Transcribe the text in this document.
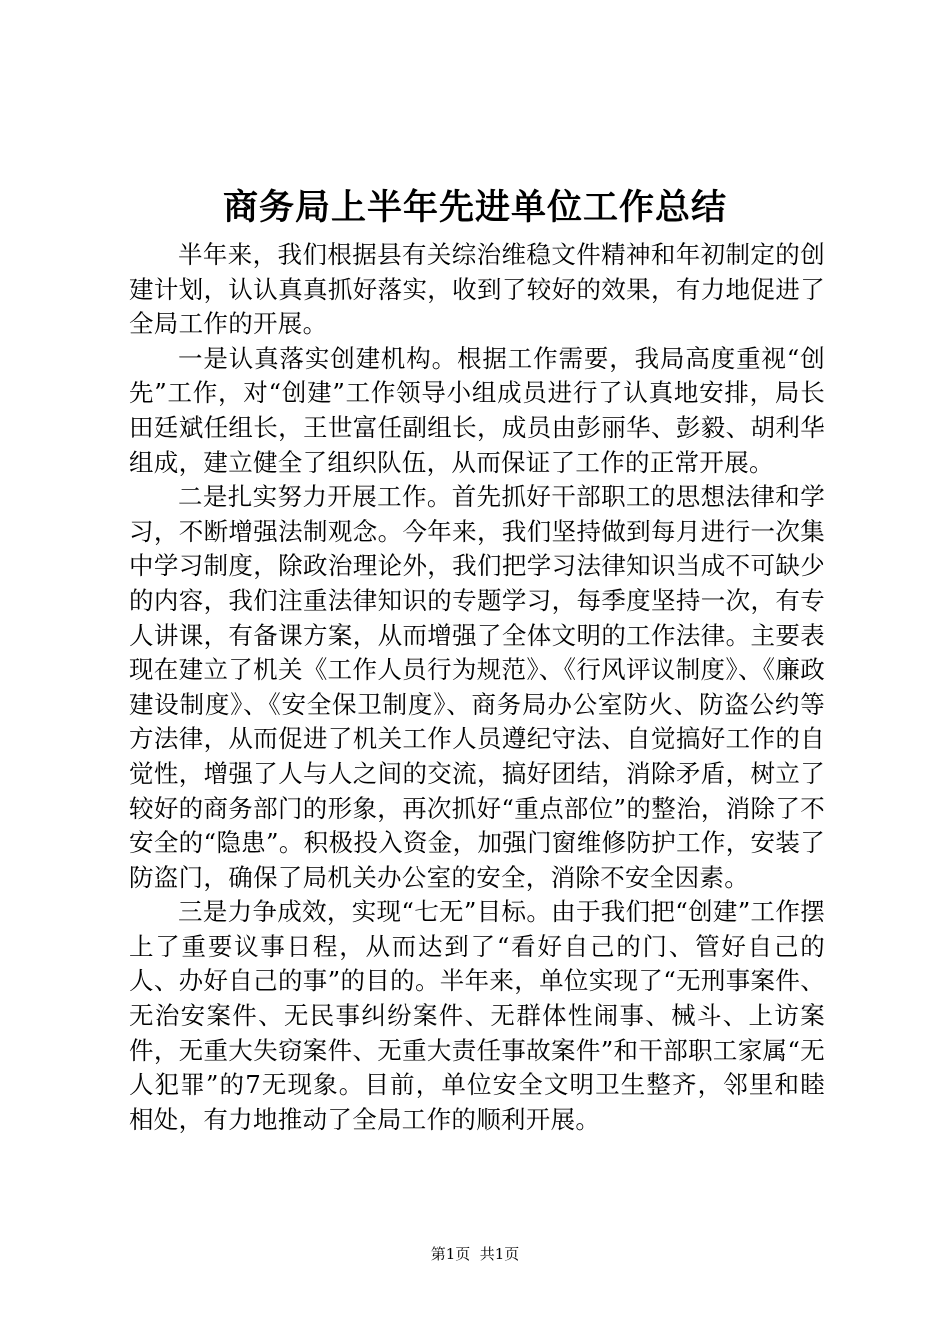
商务局上半年先进单位工作总结

半年来，我们根据县有关综治维稳文件精神和年初制定的创建计划，认认真真抓好落实，收到了较好的效果，有力地促进了全局工作的开展。

一是认真落实创建机构。根据工作需要，我局高度重视“创先”工作，对“创建”工作领导小组成员进行了认真地安排，局长田廷斌任组长，王世富任副组长，成员由彭丽华、彭毅、胡利华组成，建立健全了组织队伍，从而保证了工作的正常开展。

二是扎实努力开展工作。首先抓好干部职工的思想法律和学习，不断增强法制观念。今年来，我们坚持做到每月进行一次集中学习制度，除政治理论外，我们把学习法律知识当成不可缺少的内容，我们注重法律知识的专题学习，每季度坚持一次，有专人讲课，有备课方案，从而增强了全体文明的工作法律。主要表现在建立了机关《工作人员行为规范》、《行风评议制度》、《廉政建设制度》、《安全保卫制度》、商务局办公室防火、防盗公约等方法律，从而促进了机关工作人员遵纪守法、自觉搞好工作的自觉性，增强了人与人之间的交流，搞好团结，消除矛盾，树立了较好的商务部门的形象，再次抓好“重点部位”的整治，消除了不安全的“隐患”。积极投入资金，加强门窗维修防护工作，安装了防盗门，确保了局机关办公室的安全，消除不安全因素。

三是力争成效，实现“七无”目标。由于我们把“创建”工作摆上了重要议事日程，从而达到了“看好自己的门、管好自己的人、办好自己的事”的目的。半年来，单位实现了“无刑事案件、无治安案件、无民事纠纷案件、无群体性闹事、械斗、上访案件，无重大失窃案件、无重大责任事故案件”和干部职工家属“无人犯罪”的7无现象。目前，单位安全文明卫生整齐，邻里和睦相处，有力地推动了全局工作的顺利开展。

第1页  共1页
